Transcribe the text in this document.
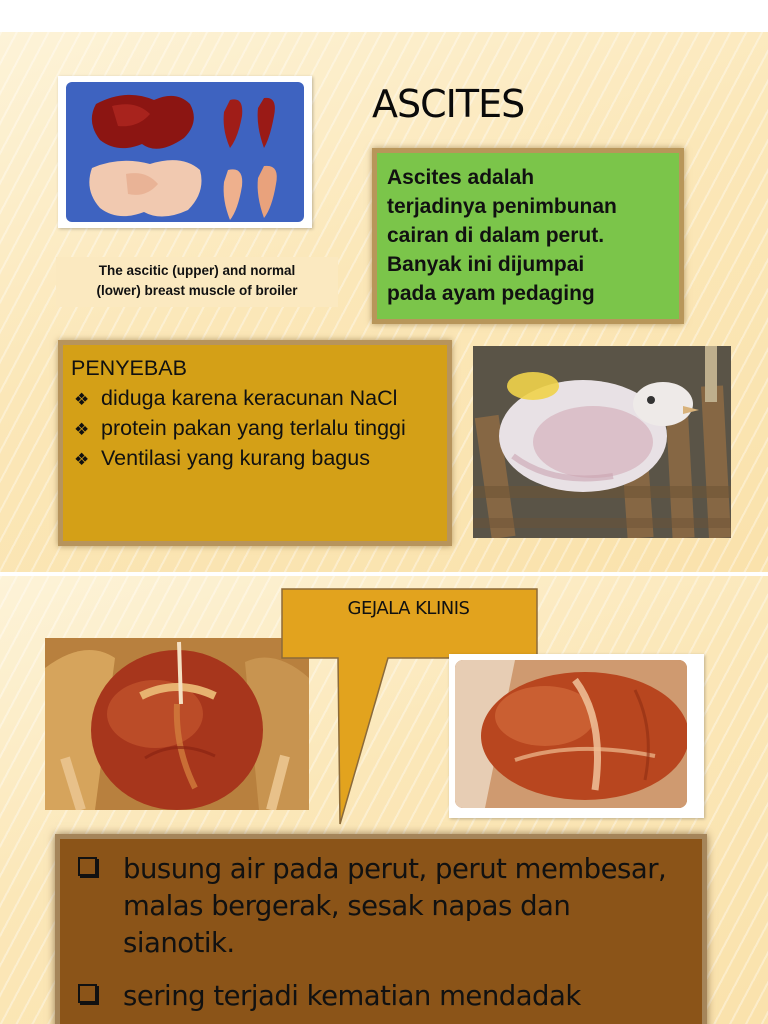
The ascitic (upper) and normal
(lower) breast muscle of broiler
ASCITES
Ascites adalah
terjadinya penimbunan
cairan di dalam perut.
Banyak ini dijumpai
pada ayam pedaging
PENYEBAB
❖ diduga karena keracunan NaCl
❖ protein pakan yang terlalu tinggi
❖ Ventilasi yang kurang bagus
GEJALA KLINIS
busung air pada perut, perut membesar, malas bergerak, sesak napas dan sianotik.
sering terjadi kematian mendadak
